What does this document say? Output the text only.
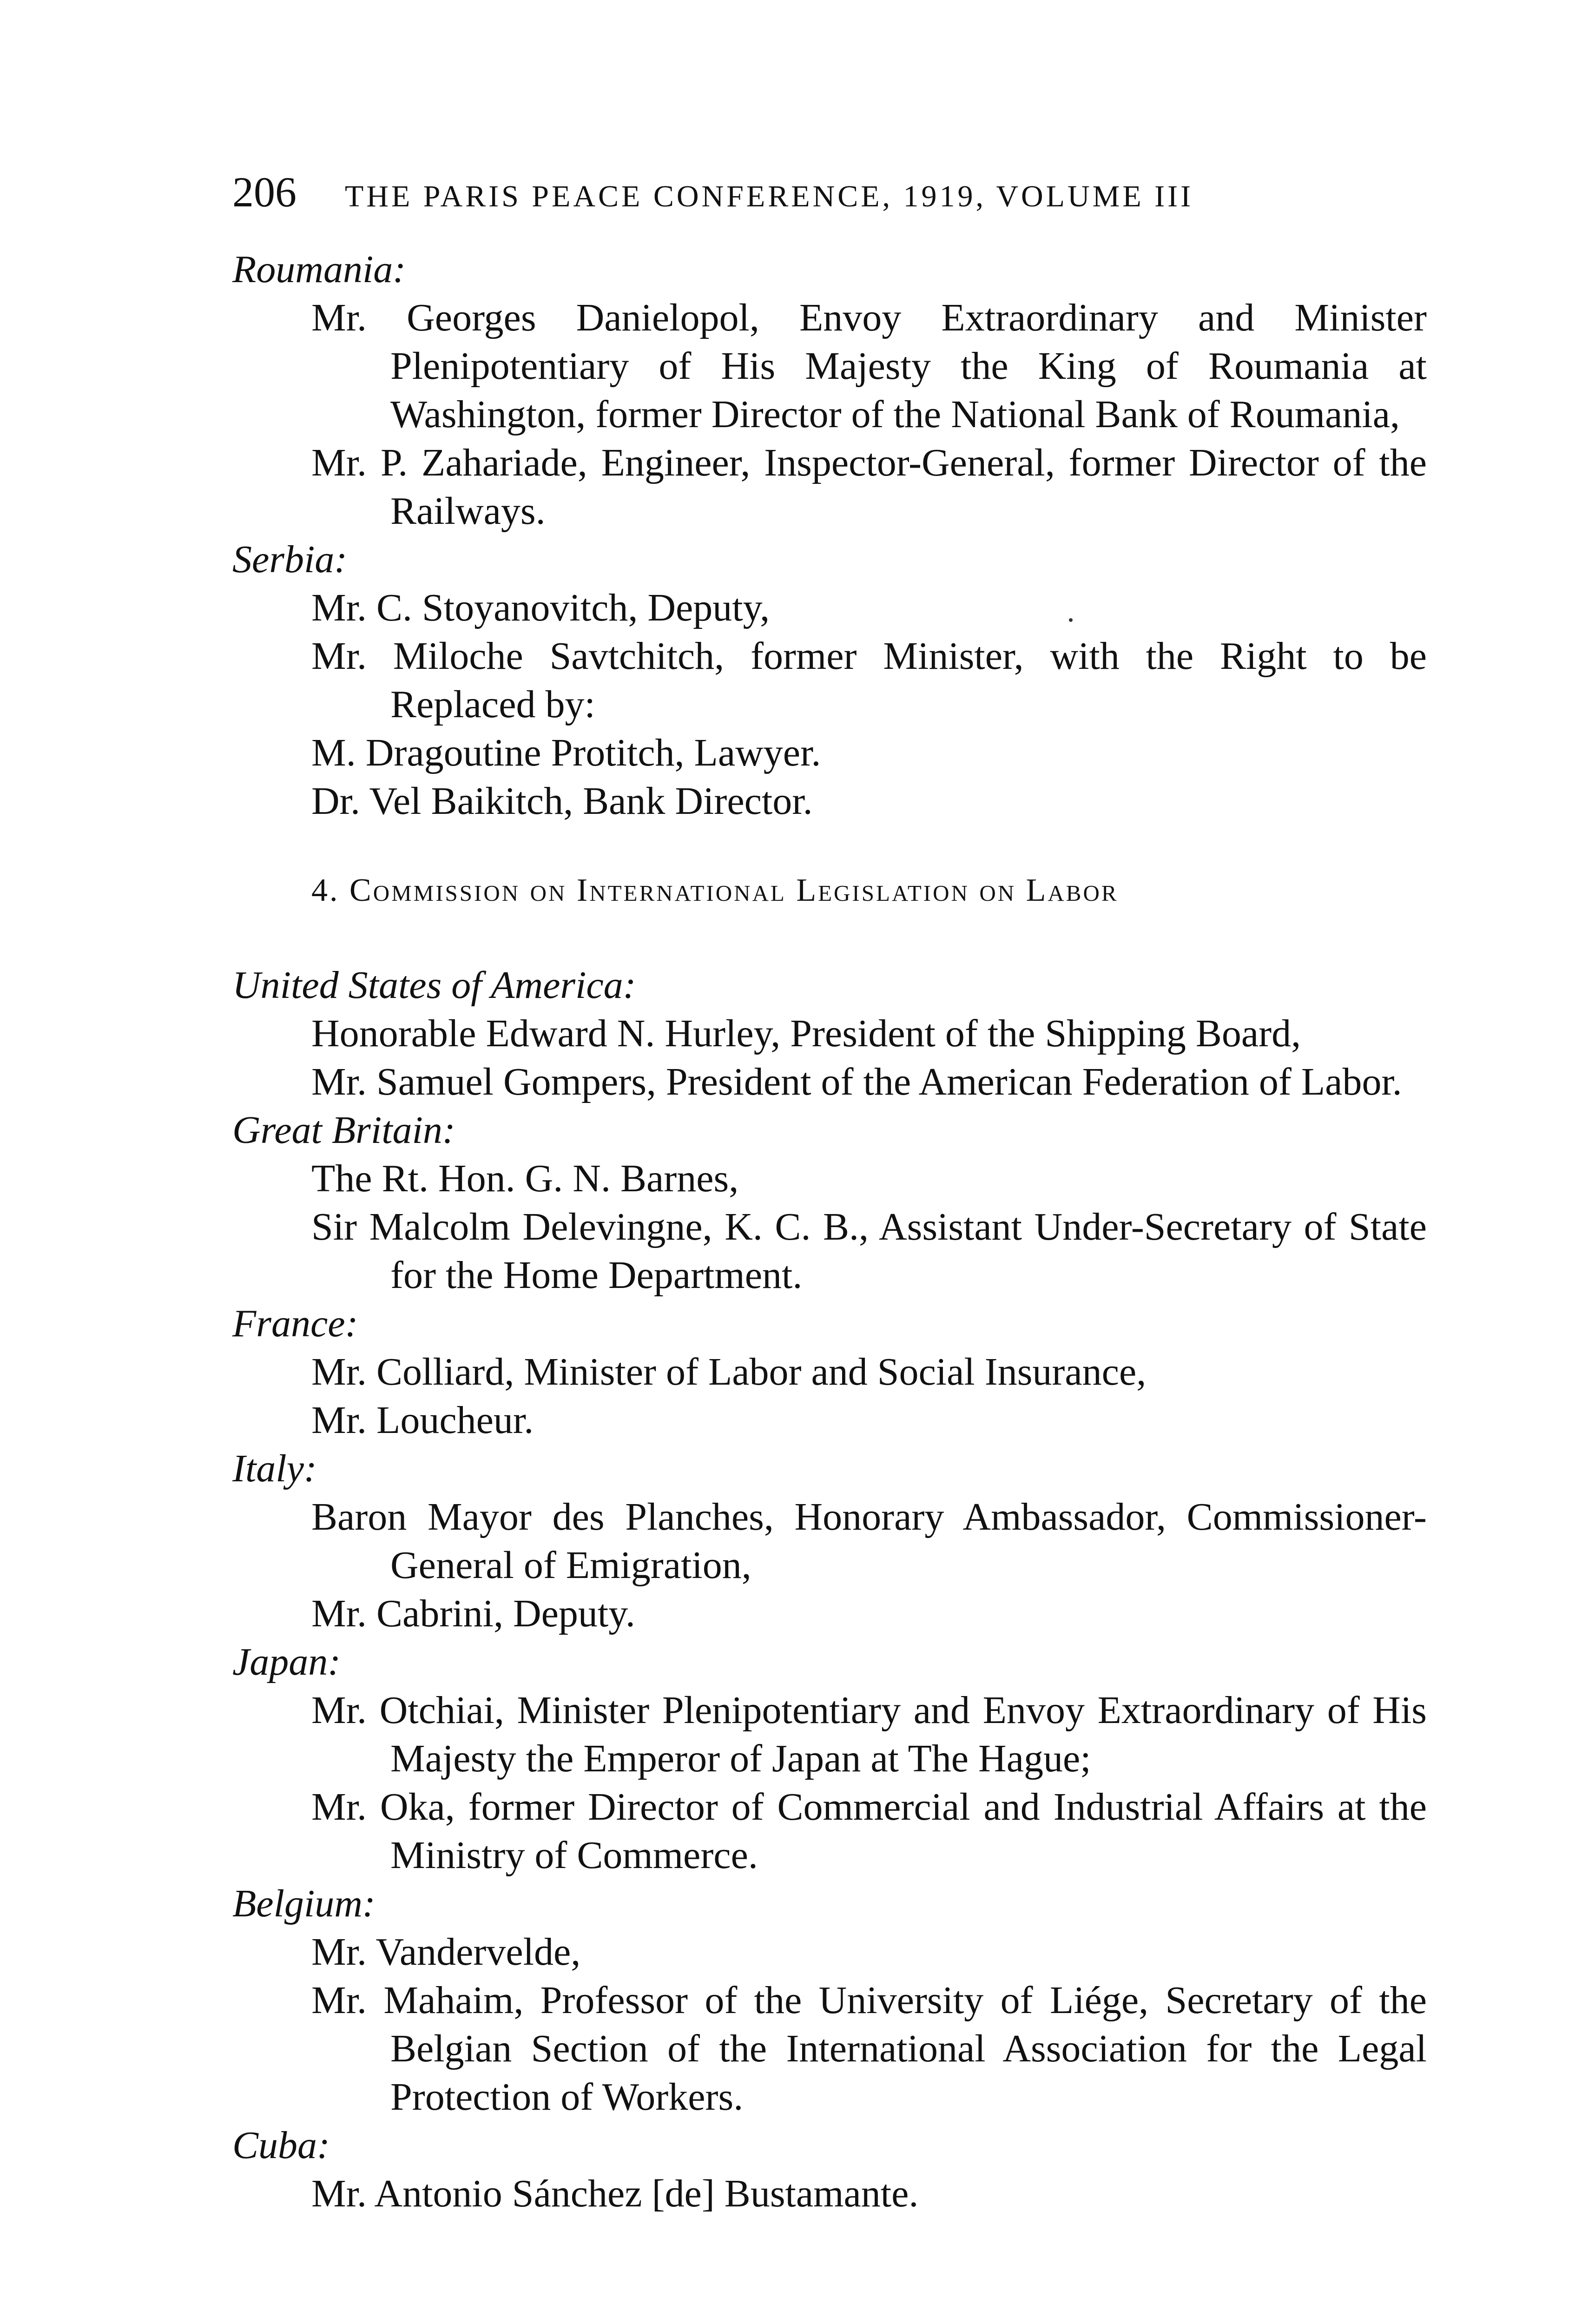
206 THE PARIS PEACE CONFERENCE, 1919, VOLUME III

Roumania:

Mr. Georges Danielopol, Envoy Extraordinary and Minister Plenipotentiary of His Majesty the King of Roumania at Washington, former Director of the National Bank of Roumania,

Mr. P. Zahariade, Engineer, Inspector-General, former Director of the Railways.

Serbia:

Mr. C. Stoyanovitch, Deputy,

Mr. Miloche Savtchitch, former Minister, with the Right to be Replaced by:

M. Dragoutine Protitch, Lawyer.

Dr. Vel Baikitch, Bank Director.

4. Commission on International Legislation on Labor

United States of America:

Honorable Edward N. Hurley, President of the Shipping Board,

Mr. Samuel Gompers, President of the American Federation of Labor.

Great Britain:

The Rt. Hon. G. N. Barnes,

Sir Malcolm Delevingne, K. C. B., Assistant Under-Secretary of State for the Home Department.

France:

Mr. Colliard, Minister of Labor and Social Insurance,

Mr. Loucheur.

Italy:

Baron Mayor des Planches, Honorary Ambassador, Commissioner-General of Emigration,

Mr. Cabrini, Deputy.

Japan:

Mr. Otchiai, Minister Plenipotentiary and Envoy Extraordinary of His Majesty the Emperor of Japan at The Hague;

Mr. Oka, former Director of Commercial and Industrial Affairs at the Ministry of Commerce.

Belgium:

Mr. Vandervelde,

Mr. Mahaim, Professor of the University of Liége, Secretary of the Belgian Section of the International Association for the Legal Protection of Workers.

Cuba:

Mr. Antonio Sánchez [de] Bustamante.
